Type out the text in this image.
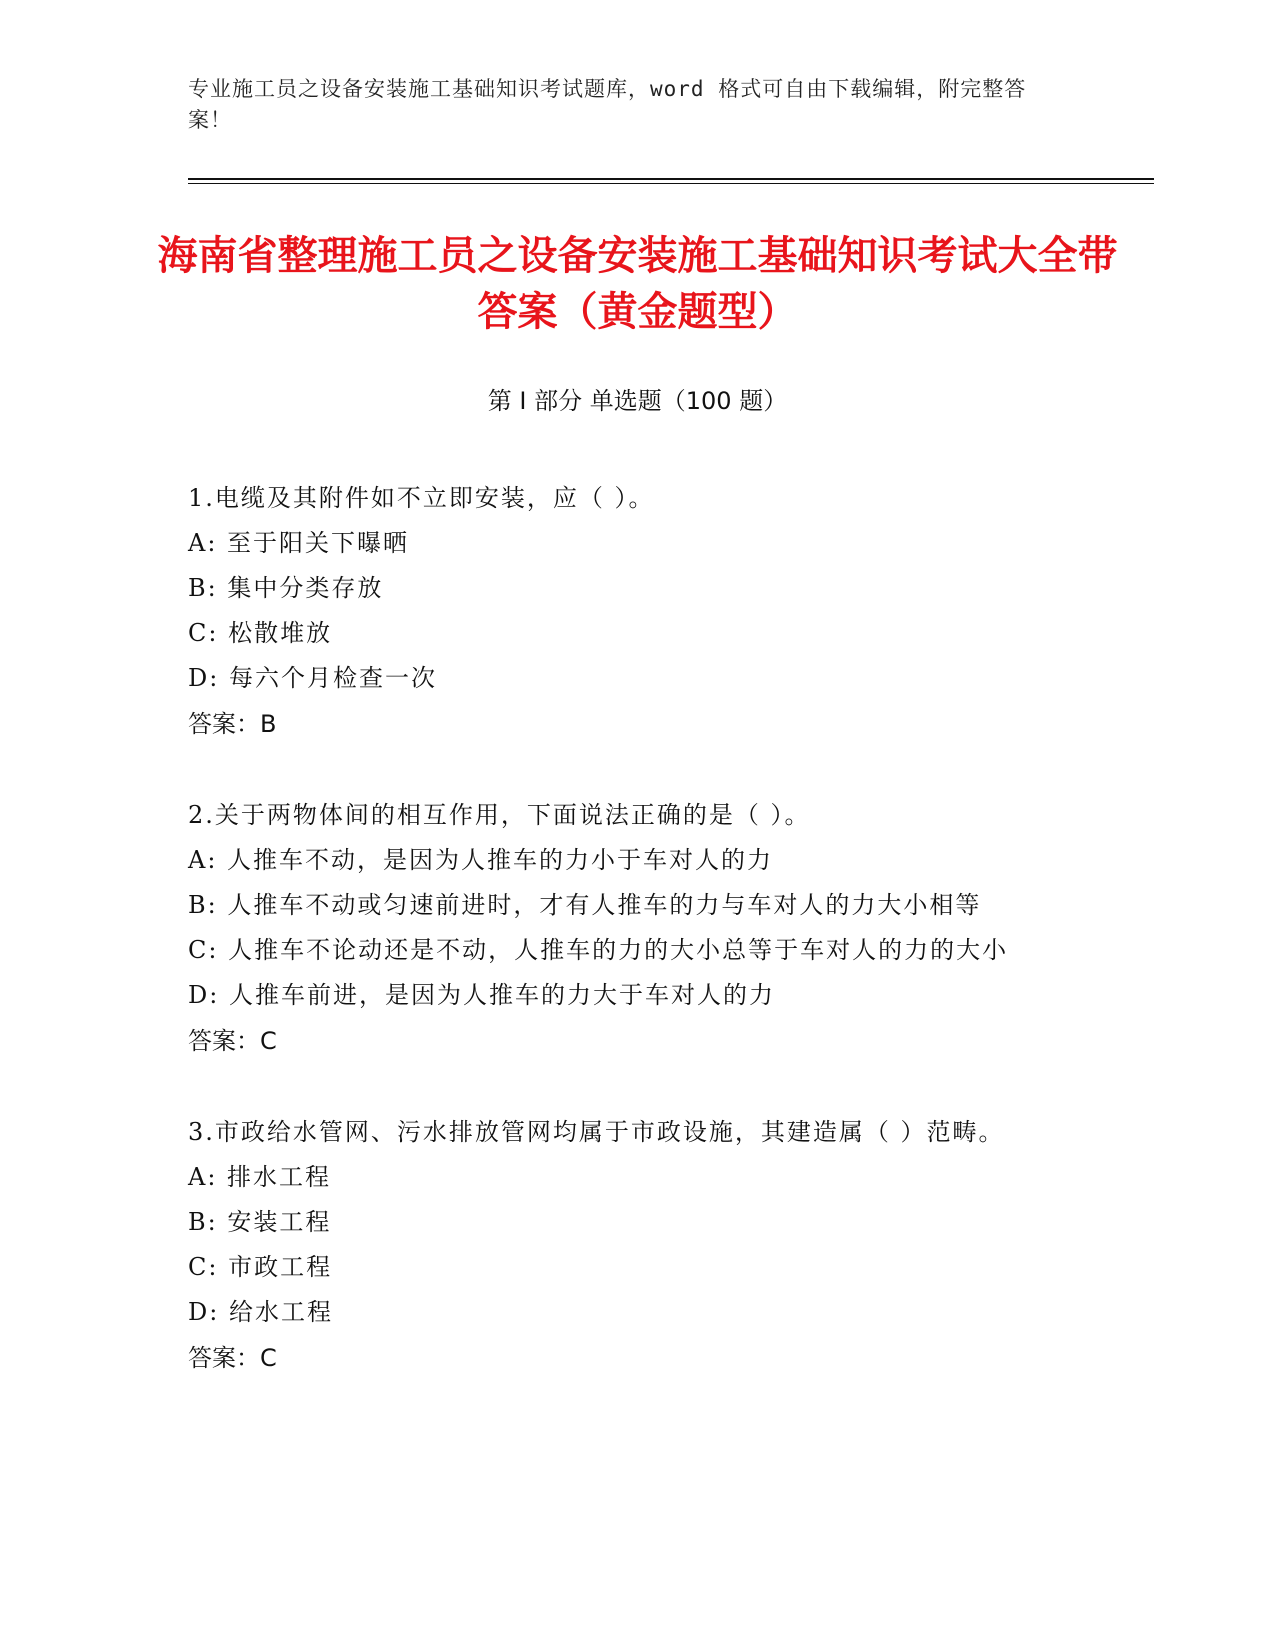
专业施工员之设备安装施工基础知识考试题库，word 格式可自由下载编辑，附完整答案！
海南省整理施工员之设备安装施工基础知识考试大全带答案（黄金题型）
第 I 部分 单选题（100 题）
1.电缆及其附件如不立即安装，应（ ）。
A: 至于阳关下曝晒
B: 集中分类存放
C: 松散堆放
D: 每六个月检查一次
答案：B
2.关于两物体间的相互作用，下面说法正确的是（ ）。
A: 人推车不动，是因为人推车的力小于车对人的力
B: 人推车不动或匀速前进时，才有人推车的力与车对人的力大小相等
C: 人推车不论动还是不动，人推车的力的大小总等于车对人的力的大小
D: 人推车前进，是因为人推车的力大于车对人的力
答案：C
3.市政给水管网、污水排放管网均属于市政设施，其建造属（ ）范畴。
A: 排水工程
B: 安装工程
C: 市政工程
D: 给水工程
答案：C
